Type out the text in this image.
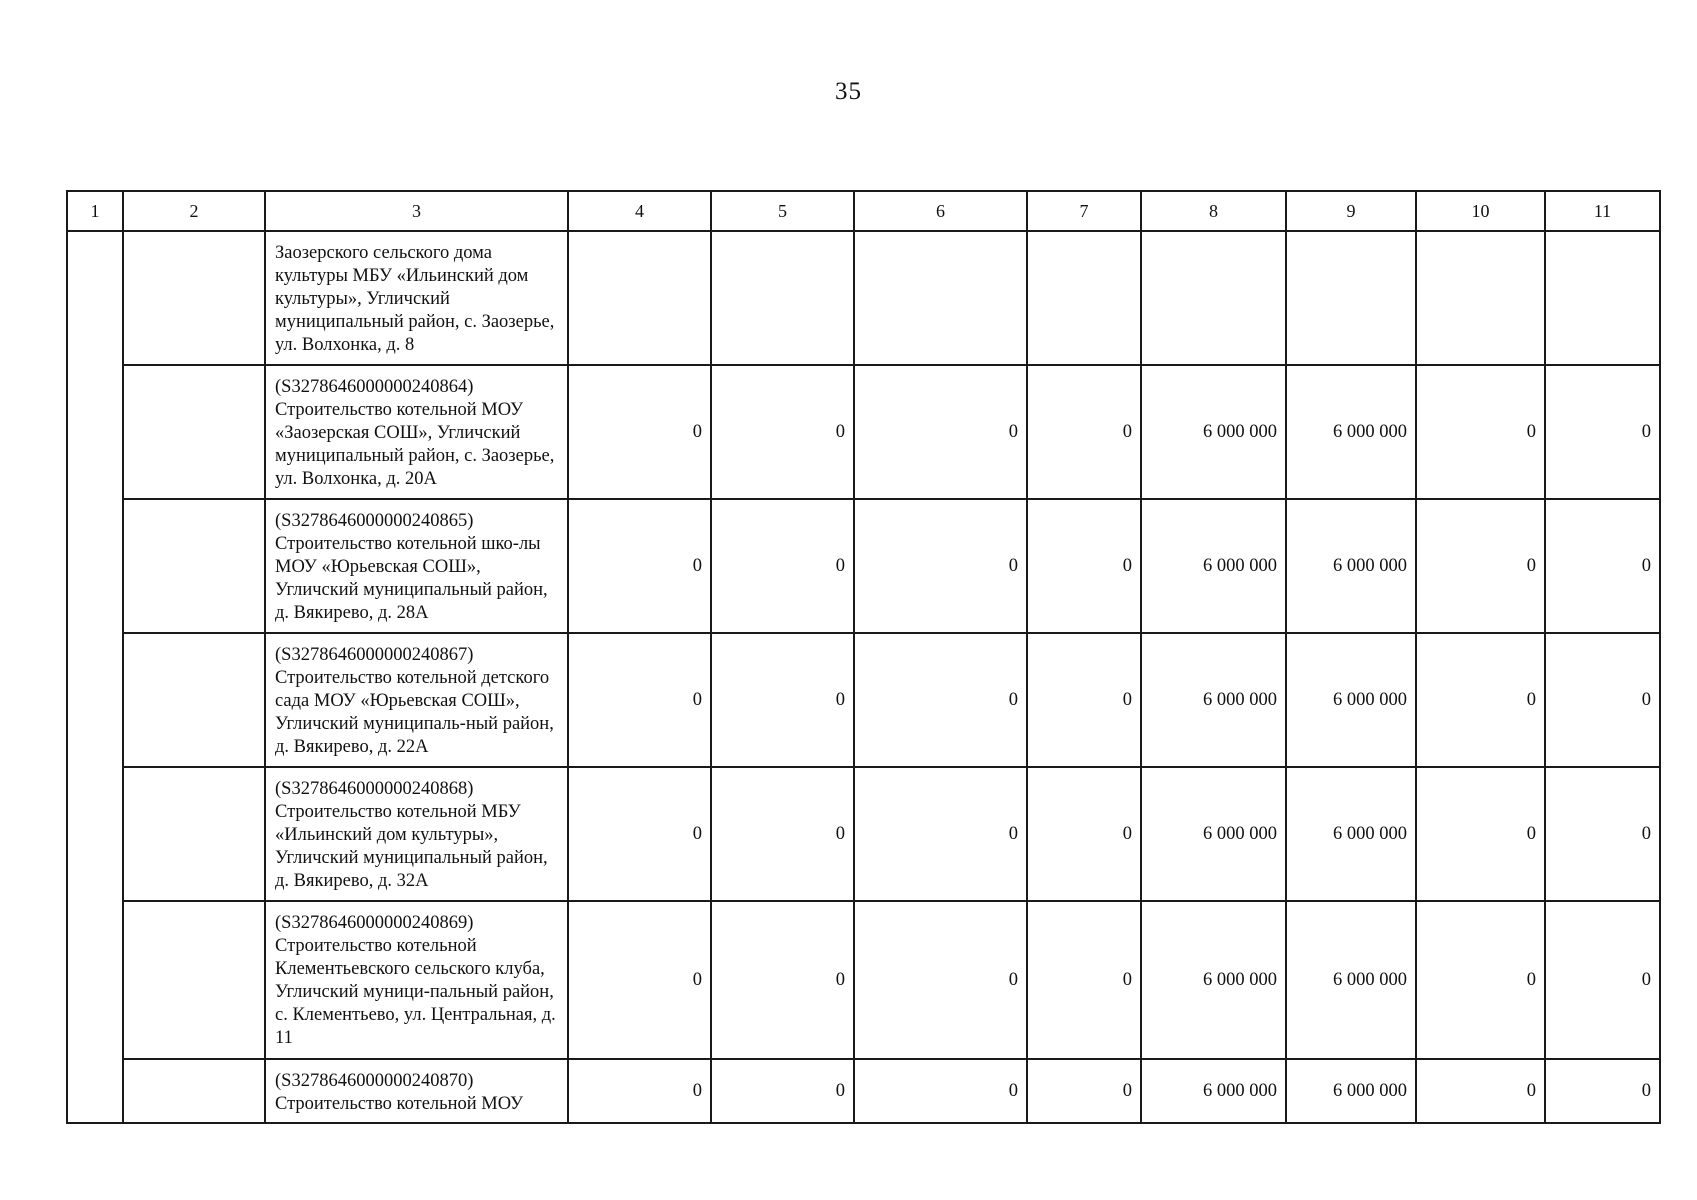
35
1	2	3	4	5	6	7	8	9	10	11
		Заозерского сельского дома культуры МБУ «Ильинский дом культуры», Угличский муниципальный район, с. Заозерье, ул. Волхонка, д. 8								
		(S3278646000000240864) Строительство котельной МОУ «Заозерская СОШ», Угличский муниципальный район, с. Заозерье, ул. Волхонка, д. 20А	0	0	0	0	6 000 000	6 000 000	0	0
		(S3278646000000240865) Строительство котельной шко-лы МОУ «Юрьевская СОШ», Угличский муниципальный район, д. Вякирево, д. 28А	0	0	0	0	6 000 000	6 000 000	0	0
		(S3278646000000240867) Строительство котельной детского сада МОУ «Юрьевская СОШ», Угличский муниципаль-ный район, д. Вякирево, д. 22А	0	0	0	0	6 000 000	6 000 000	0	0
		(S3278646000000240868) Строительство котельной МБУ «Ильинский дом культуры», Угличский муниципальный район, д. Вякирево, д. 32А	0	0	0	0	6 000 000	6 000 000	0	0
		(S3278646000000240869) Строительство котельной Клементьевского сельского клуба, Угличский муници-пальный район, с. Клементьево, ул. Центральная, д. 11	0	0	0	0	6 000 000	6 000 000	0	0
		(S3278646000000240870) Строительство котельной МОУ	0	0	0	0	6 000 000	6 000 000	0	0
